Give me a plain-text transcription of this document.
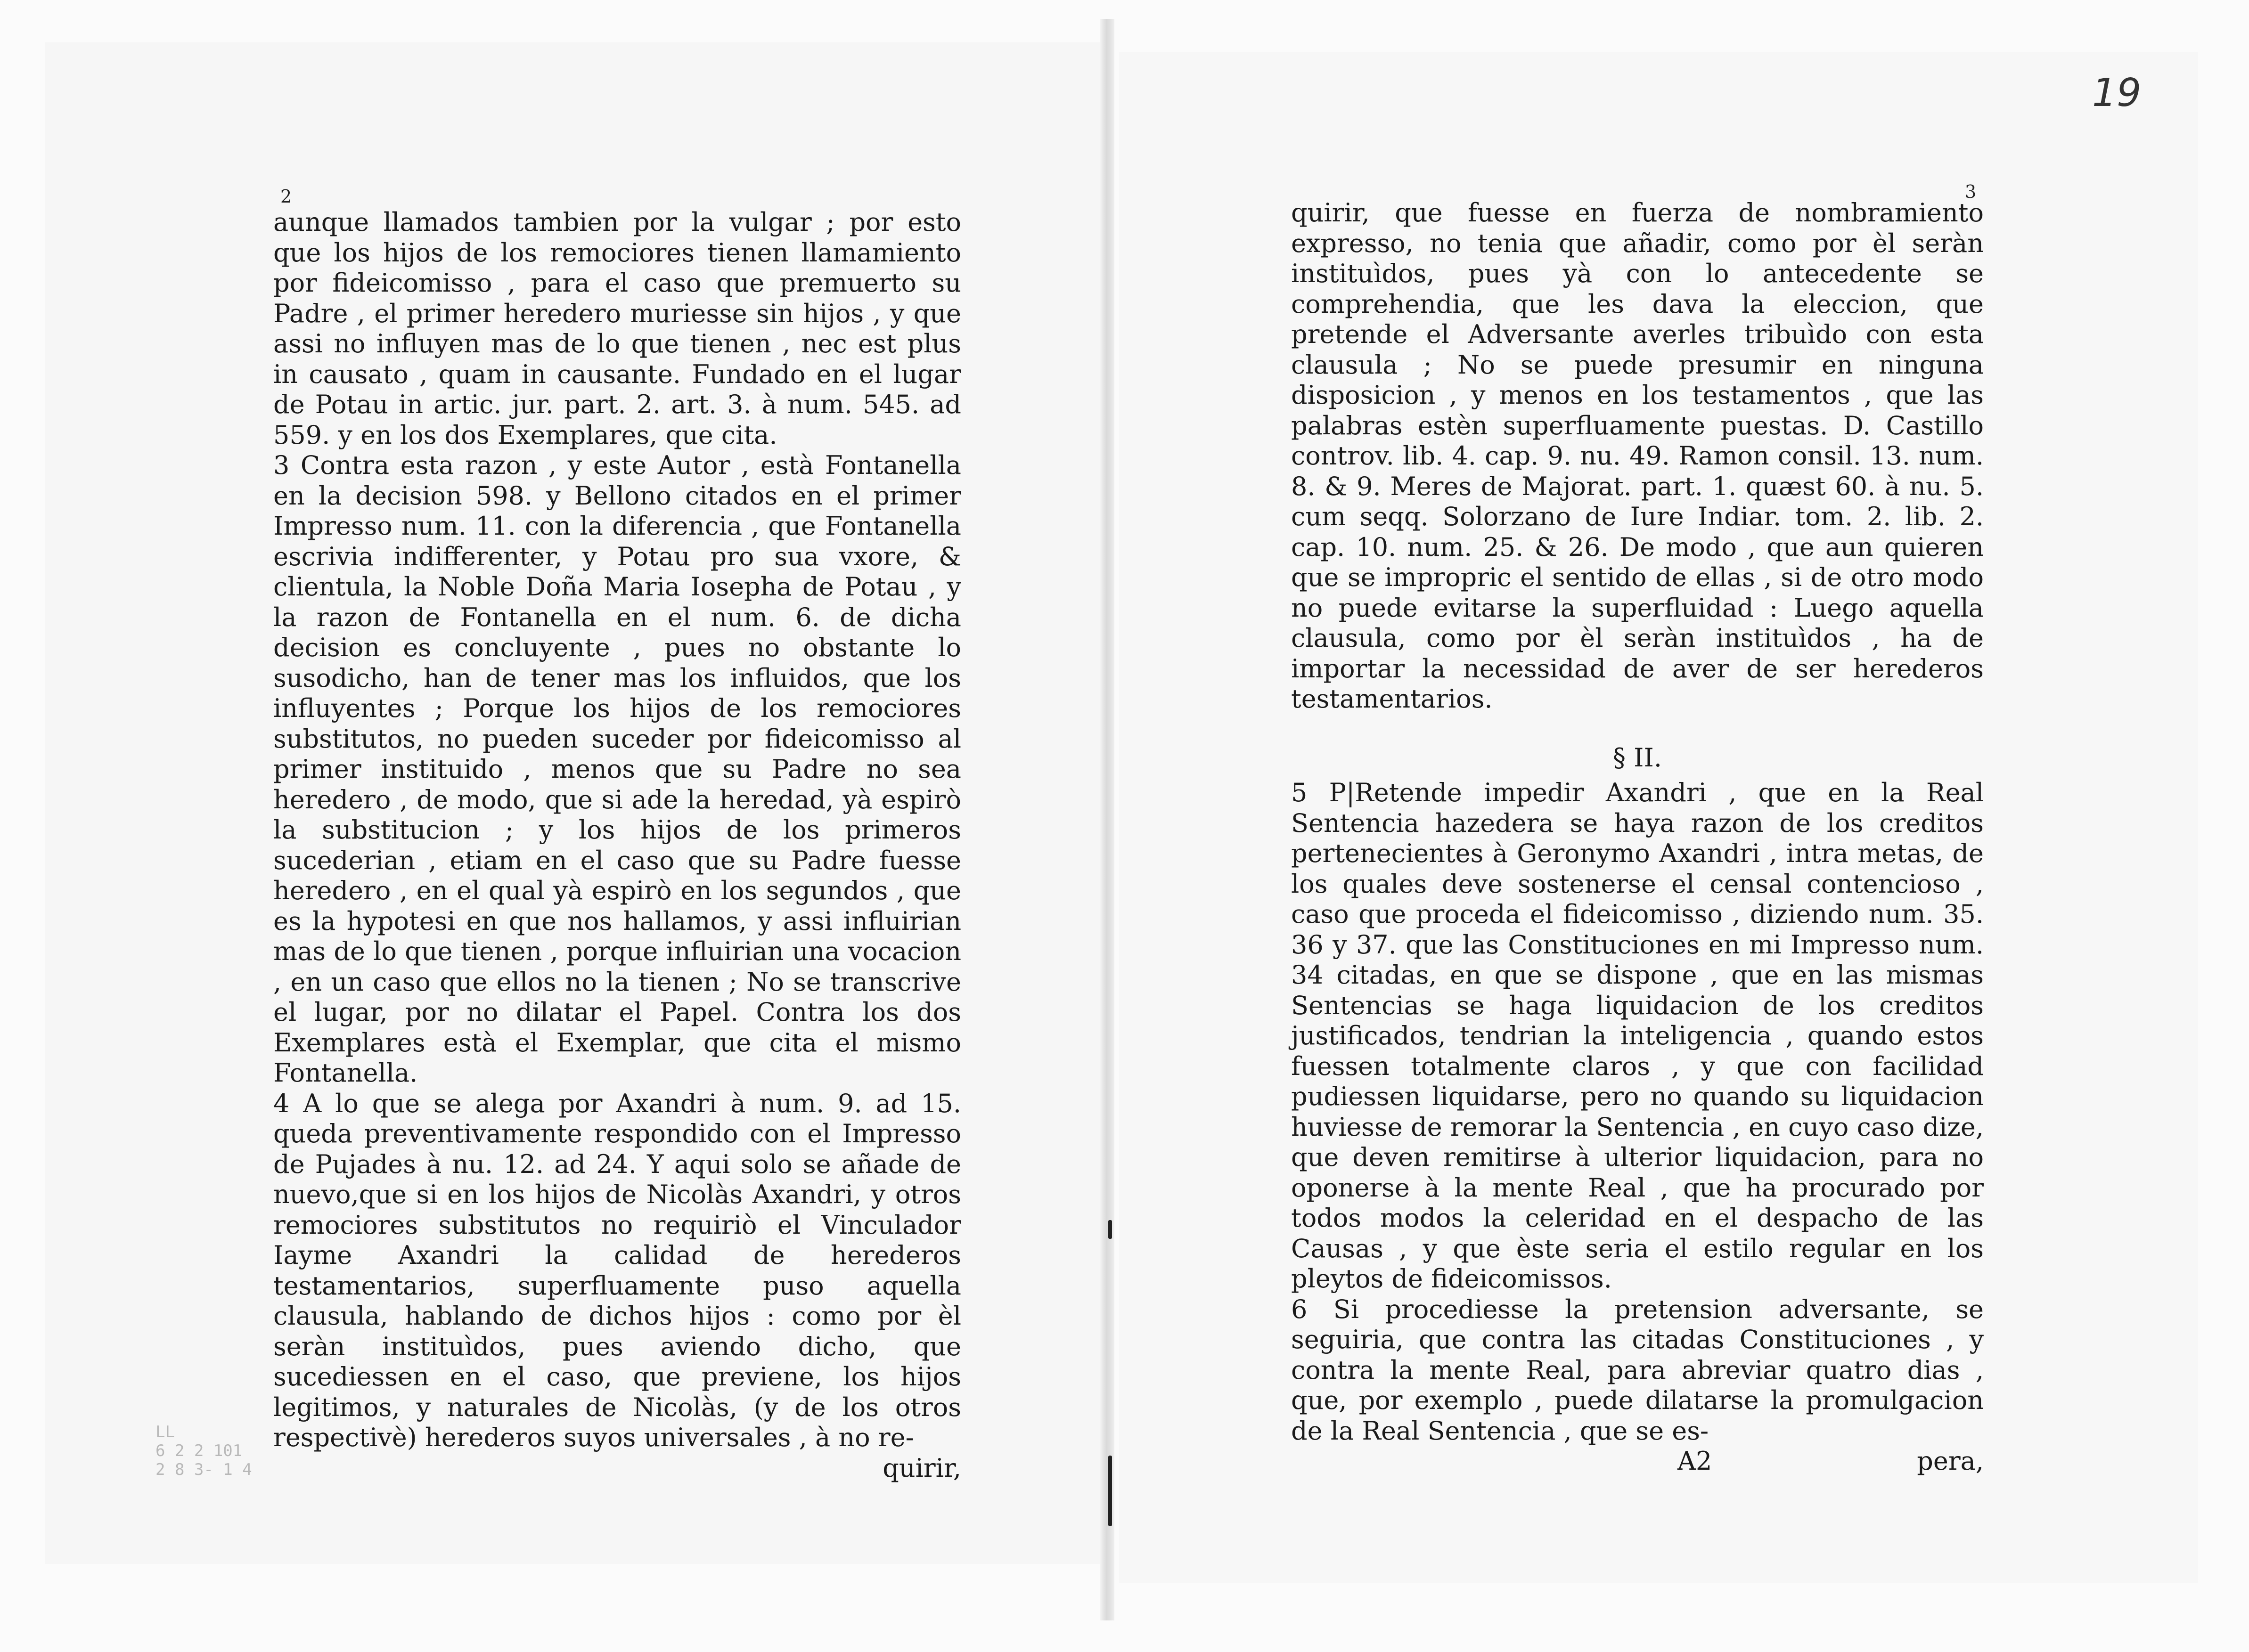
2

aunque llamados tambien por la vulgar ; por esto que los hijos de los remociores tienen llamamiento por fideicomisso , para el caso que premuerto su Padre , el primer heredero muriesse sin hijos , y que assi no influyen mas de lo que tienen , nec est plus in causato , quam in causante. Fundado en el lugar de Potau in artic. jur. part. 2. art. 3. à num. 545. ad 559. y en los dos Exemplares, que cita.

3 Contra esta razon , y este Autor , està Fontanella en la decision 598. y Bellono citados en el primer Impresso num. 11. con la diferencia , que Fontanella escrivia indifferenter, y Potau pro sua vxore, & clientula, la Noble Doña Maria Iosepha de Potau , y la razon de Fontanella en el num. 6. de dicha decision es concluyente , pues no obstante lo susodicho, han de tener mas los influidos, que los influyentes ; Porque los hijos de los remociores substitutos, no pueden suceder por fideicomisso al primer instituido , menos que su Padre no sea heredero , de modo, que si ade la heredad, yà espirò la substitucion ; y los hijos de los primeros sucederian , etiam en el caso que su Padre fuesse heredero , en el qual yà espirò en los segundos , que es la hypotesi en que nos hallamos, y assi influirian mas de lo que tienen , porque influirian una vocacion , en un caso que ellos no la tienen ; No se transcrive el lugar, por no dilatar el Papel. Contra los dos Exemplares està el Exemplar, que cita el mismo Fontanella.

4 A lo que se alega por Axandri à num. 9. ad 15. queda preventivamente respondido con el Impresso de Pujades à nu. 12. ad 24. Y aqui solo se añade de nuevo,que si en los hijos de Nicolàs Axandri, y otros remociores substitutos no requiriò el Vinculador Iayme Axandri la calidad de herederos testamentarios, superfluamente puso aquella clausula, hablando de dichos hijos : como por èl seràn instituìdos, pues aviendo dicho, que sucediessen en el caso, que previene, los hijos legitimos, y naturales de Nicolàs, (y de los otros respectivè) herederos suyos universales , à no re-

quirir,
LL
6 2 2 101
2 8 3- 1 4
19
3

quirir, que fuesse en fuerza de nombramiento expresso, no tenia que añadir, como por èl seràn instituìdos, pues yà con lo antecedente se comprehendia, que les dava la eleccion, que pretende el Adversante averles tribuìdo con esta clausula ; No se puede presumir en ninguna disposicion , y menos en los testamentos , que las palabras estèn superfluamente puestas. D. Castillo controv. lib. 4. cap. 9. nu. 49. Ramon consil. 13. num. 8. & 9. Meres de Majorat. part. 1. quæst 60. à nu. 5. cum seqq. Solorzano de Iure Indiar. tom. 2. lib. 2. cap. 10. num. 25. & 26. De modo , que aun quieren que se impropric el sentido de ellas , si de otro modo no puede evitarse la superfluidad : Luego aquella clausula, como por èl seràn instituìdos , ha de importar la necessidad de aver de ser herederos testamentarios.

§ II.

5 P|Retende impedir Axandri , que en la Real Sentencia hazedera se haya razon de los creditos pertenecientes à Geronymo Axandri , intra metas, de los quales deve sostenerse el censal contencioso , caso que proceda el fideicomisso , diziendo num. 35. 36 y 37. que las Constituciones en mi Impresso num. 34 citadas, en que se dispone , que en las mismas Sentencias se haga liquidacion de los creditos justificados, tendrian la inteligencia , quando estos fuessen totalmente claros , y que con facilidad pudiessen liquidarse, pero no quando su liquidacion huviesse de remorar la Sentencia , en cuyo caso dize, que deven remitirse à ulterior liquidacion, para no oponerse à la mente Real , que ha procurado por todos modos la celeridad en el despacho de las Causas , y que èste seria el estilo regular en los pleytos de fideicomissos.

6 Si procediesse la pretension adversante, se seguiria, que contra las citadas Constituciones , y contra la mente Real, para abreviar quatro dias , que, por exemplo , puede dilatarse la promulgacion de la Real Sentencia , que se es-

A2	pera,
